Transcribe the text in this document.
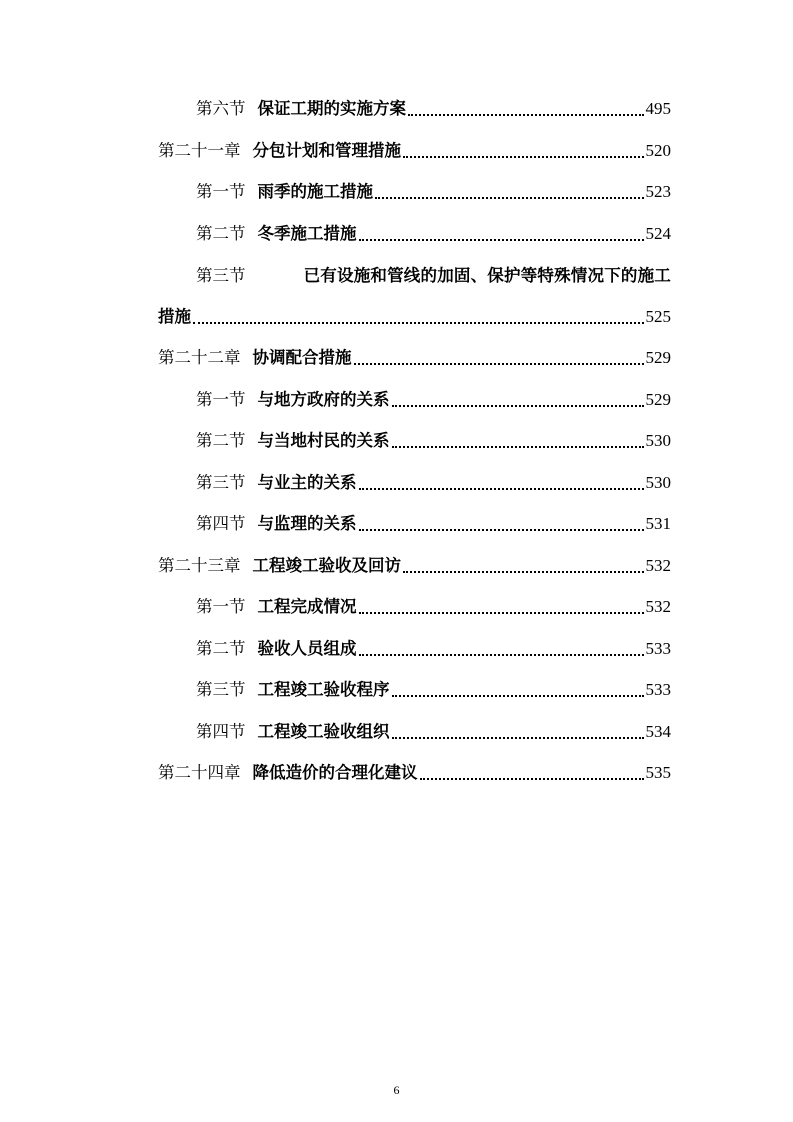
第六节 保证工期的实施方案	495
第二十一章 分包计划和管理措施	520
第一节 雨季的施工措施	523
第二节 冬季施工措施	524
第三节	已有设施和管线的加固、保护等特殊情况下的施工
措施	525
第二十二章 协调配合措施	529
第一节 与地方政府的关系	529
第二节 与当地村民的关系	530
第三节 与业主的关系	530
第四节 与监理的关系	531
第二十三章 工程竣工验收及回访	532
第一节 工程完成情况	532
第二节 验收人员组成	533
第三节 工程竣工验收程序	533
第四节 工程竣工验收组织	534
第二十四章 降低造价的合理化建议	535
6
